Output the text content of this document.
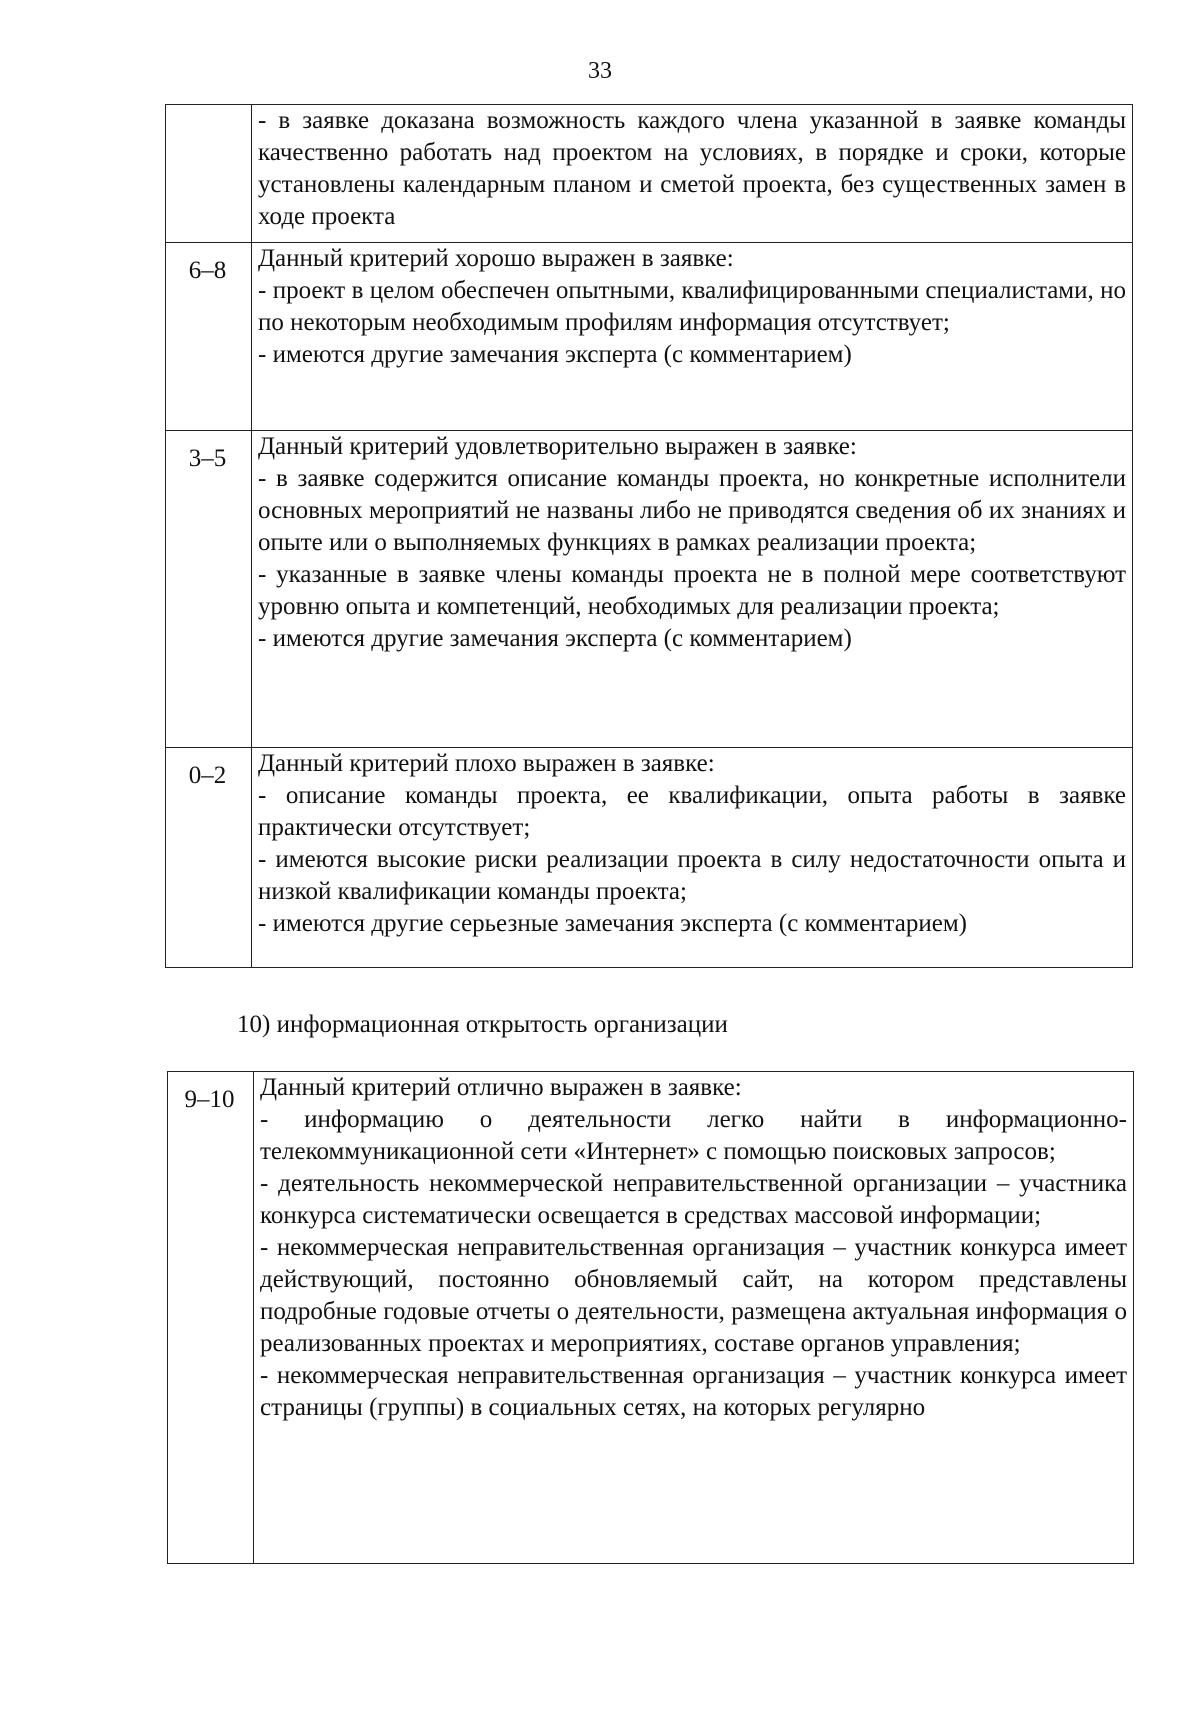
33

	- в заявке доказана возможность каждого члена указанной в заявке команды качественно работать над проектом на условиях, в порядке и сроки, которые установлены календарным планом и сметой проекта, без существенных замен в ходе проекта

6–8	Данный критерий хорошо выражен в заявке:
- проект в целом обеспечен опытными, квалифицированными специалистами, но по некоторым необходимым профилям информация отсутствует;
- имеются другие замечания эксперта (с комментарием)

3–5	Данный критерий удовлетворительно выражен в заявке:
- в заявке содержится описание команды проекта, но конкретные исполнители основных мероприятий не названы либо не приводятся сведения об их знаниях и опыте или о выполняемых функциях в рамках реализации проекта;
- указанные в заявке члены команды проекта не в полной мере соответствуют уровню опыта и компетенций, необходимых для реализации проекта;
- имеются другие замечания эксперта (с комментарием)

0–2	Данный критерий плохо выражен в заявке:
- описание команды проекта, ее квалификации, опыта работы в заявке практически отсутствует;
- имеются высокие риски реализации проекта в силу недостаточности опыта и низкой квалификации команды проекта;
- имеются другие серьезные замечания эксперта (с комментарием)
10) информационная открытость организации
9–10	Данный критерий отлично выражен в заявке:
- информацию о деятельности легко найти в информационно-телекоммуникационной сети «Интернет» с помощью поисковых запросов;
- деятельность некоммерческой неправительственной организации – участника конкурса систематически освещается в средствах массовой информации;
- некоммерческая неправительственная организация – участник конкурса имеет действующий, постоянно обновляемый сайт, на котором представлены подробные годовые отчеты о деятельности, размещена актуальная информация о реализованных проектах и мероприятиях, составе органов управления;
- некоммерческая неправительственная организация – участник конкурса имеет страницы (группы) в социальных сетях, на которых регулярно
